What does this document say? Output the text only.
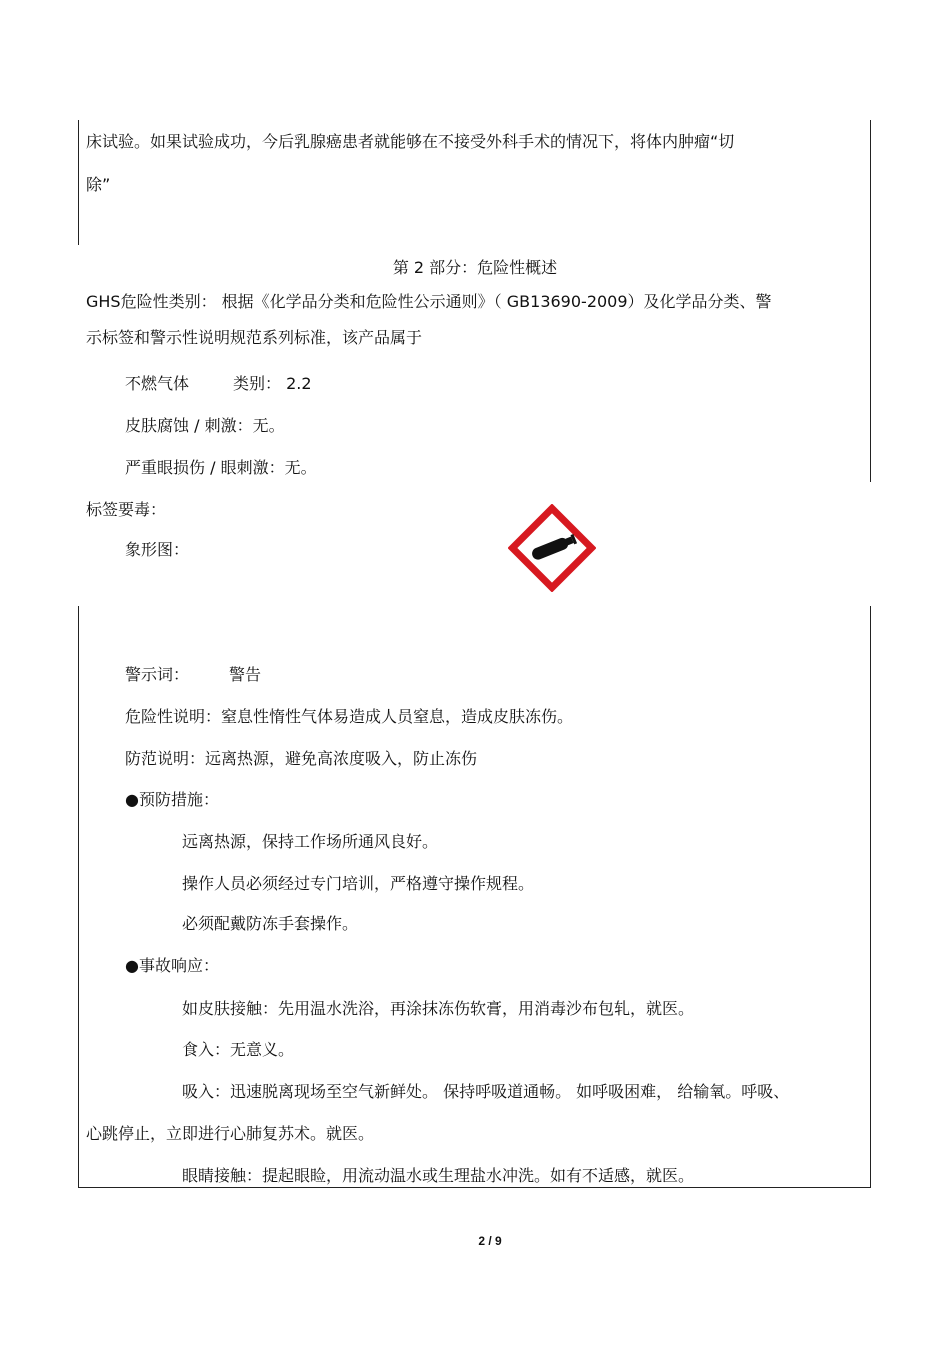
床试验。如果试验成功，今后乳腺癌患者就能够在不接受外科手术的情况下，将体内肿瘤“切
除”
第 2 部分：危险性概述
GHS危险性类别： 根据《化学品分类和危险性公示通则》（ GB13690-2009）及化学品分类、警
示标签和警示性说明规范系列标准，该产品属于
不燃气体	类别： 2.2
皮肤腐蚀 / 刺激：无。
严重眼损伤 / 眼刺激：无。
标签要毒：
象形图：
警示词：	警告
危险性说明：窒息性惰性气体易造成人员窒息，造成皮肤冻伤。
防范说明：远离热源，避免高浓度吸入，防止冻伤
●预防措施：
远离热源，保持工作场所通风良好。
操作人员必须经过专门培训，严格遵守操作规程。
必须配戴防冻手套操作。
●事故响应：
如皮肤接触：先用温水洗浴，再涂抹冻伤软膏，用消毒沙布包轧，就医。
食入：无意义。
吸入：迅速脱离现场至空气新鲜处。 保持呼吸道通畅。 如呼吸困难， 给输氧。呼吸、
心跳停止，立即进行心肺复苏术。就医。
眼睛接触：提起眼睑，用流动温水或生理盐水冲洗。如有不适感，就医。
2 / 9
